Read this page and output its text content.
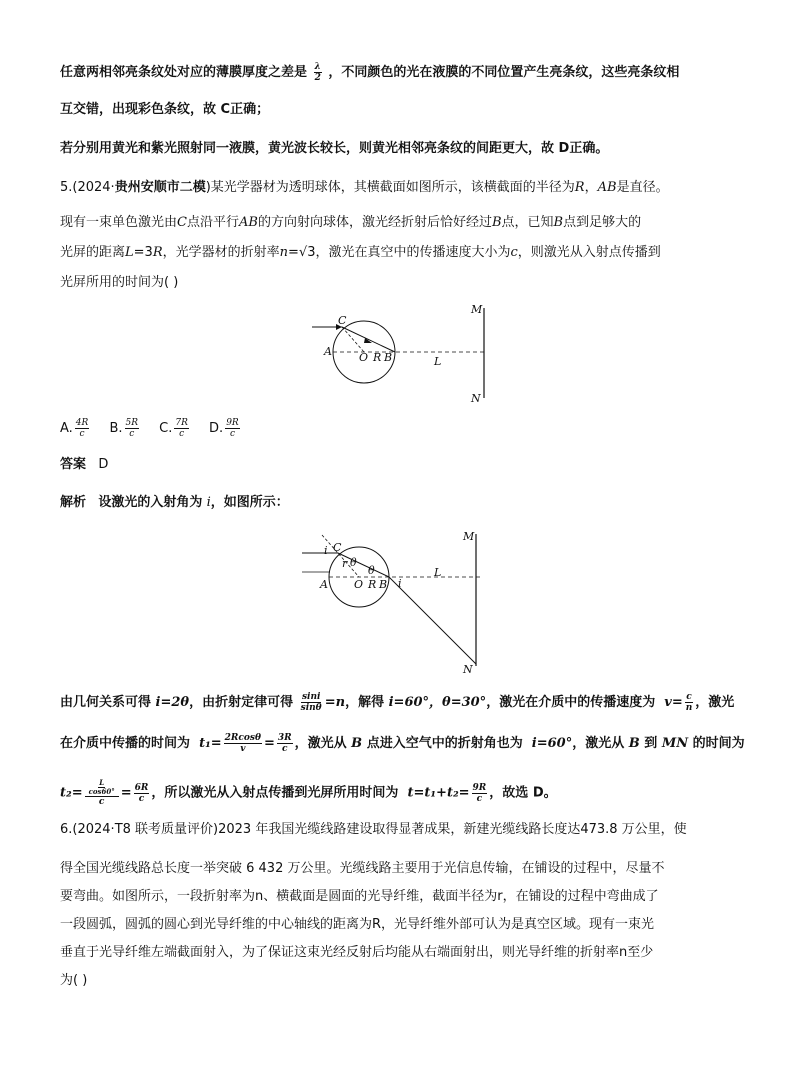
任意两相邻亮条纹处对应的薄膜厚度之差是 $\frac{\lambda}{2}$ ，不同颜色的光在液膜的不同位置产生亮条纹，这些亮条纹相
互交错，出现彩色条纹，故 C正确；
若分别用黄光和紫光照射同一液膜，黄光波长较长，则黄光相邻亮条纹的间距更大，故 D正确。
5.(2024·贵州安顺市二模)某光学器材为透明球体，其横截面如图所示，该横截面的半径为R，AB是直径。
现有一束单色激光由C点沿平行AB的方向射向球体，激光经折射后恰好经过B点，已知B点到足够大的
光屏的距离L=3R，光学器材的折射率n=√3，激光在真空中的传播速度大小为c，则激光从入射点传播到
光屏所用的时间为( )
C
A O R B	L
M
N
A. $\frac{4R}{c}$
B. $\frac{5R}{c}$
C. $\frac{7R}{c}$
D. $\frac{9R}{c}$
答案 D
解析 设激光的入射角为 i，如图所示：
C
i
r θ
θ
A O R B i
L
M
N
由几何关系可得 i=2θ，由折射定律可得 $\frac{\sin i}{\sin\theta} =n$，解得 i=60°，θ=30°，激光在介质中的传播速度为 $v= \frac{c}{n}$ ，激光
在介质中传播的时间为 $t_1= \frac{2Rcos\theta}{v} = \frac{3R}{c}$ ，激光从 B 点进入空气中的折射角也为 i=60°，激光从 B 到 MN 的时间为
$t_2= \frac{\frac{L}{\cos 60^\circ}}{c} = \frac{6R}{c}$ ，所以激光从入射点传播到光屏所用时间为 $t=t_1+t_2= \frac{9R}{c}$ ，故选 D。
6.(2024·T8 联考质量评价)2023 年我国光缆线路建设取得显著成果，新建光缆线路长度达473.8 万公里，使
得全国光缆线路总长度一举突破 6 432 万公里。光缆线路主要用于光信息传输，在铺设的过程中，尽量不
要弯曲。如图所示，一段折射率为n、横截面是圆面的光导纤维，截面半径为r，在铺设的过程中弯曲成了
一段圆弧，圆弧的圆心到光导纤维的中心轴线的距离为R，光导纤维外部可认为是真空区域。现有一束光
垂直于光导纤维左端截面射入，为了保证这束光经反射后均能从右端面射出，则光导纤维的折射率n至少
为( )
